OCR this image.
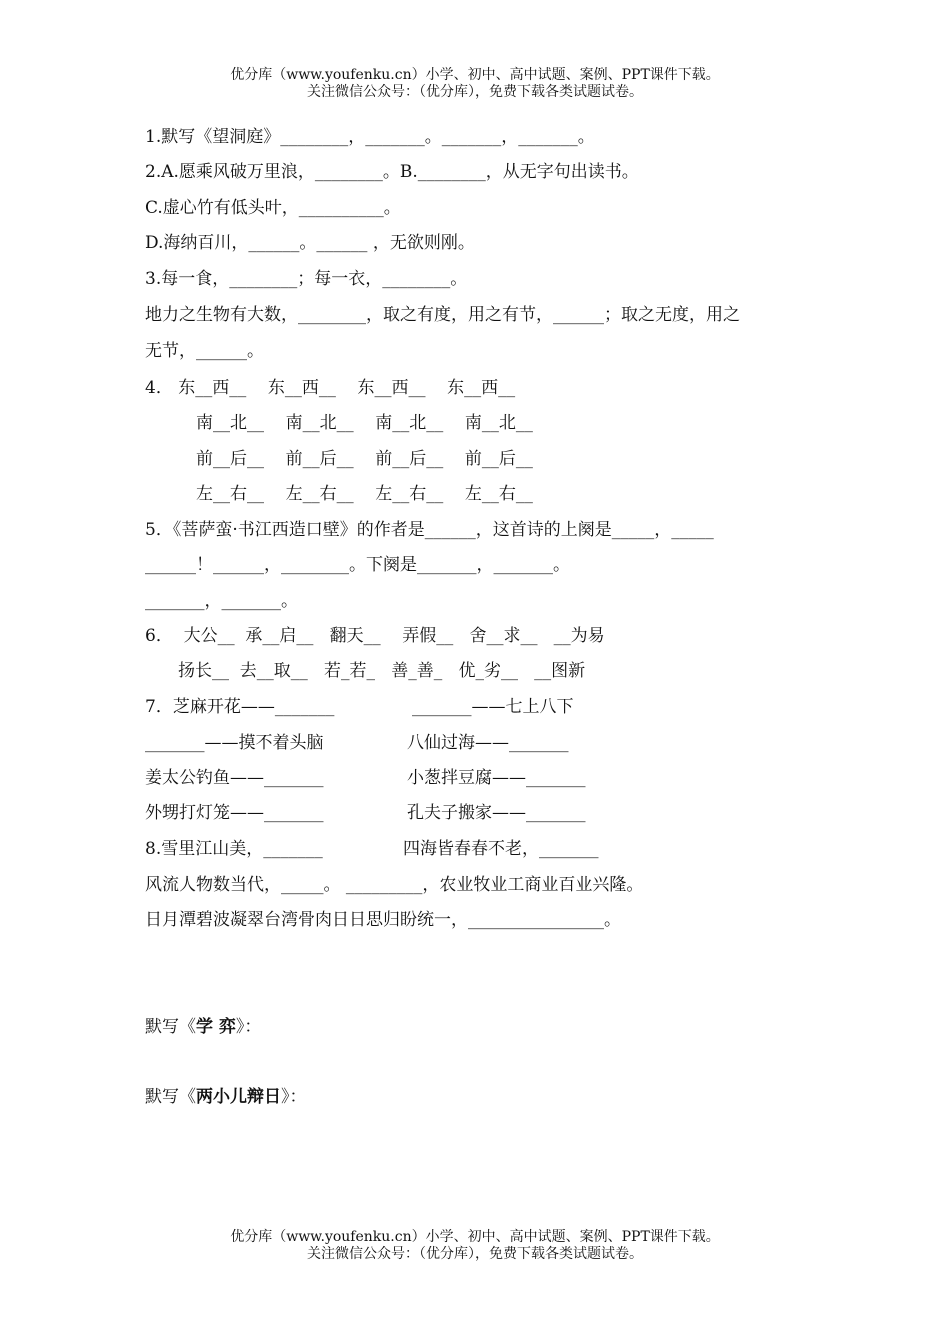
优分库（www.youfenku.cn）小学、初中、高中试题、案例、PPT课件下载。
关注微信公众号：（优分库），免费下载各类试题试卷。
1.默写《望洞庭》________，_______。_______，_______。
2.A.愿乘风破万里浪，________。B.________，从无字句出读书。
C.虚心竹有低头叶，__________。
D.海纳百川，______。______ ，无欲则刚。
3.每一食，________；每一衣，________。
地力之生物有大数，________，取之有度，用之有节，______；取之无度，用之
无节，______。
4． 东__西__    东__西__    东__西__    东__西__
南__北__    南__北__    南__北__    南__北__
前__后__    前__后__    前__后__    前__后__
左__右__    左__右__    左__右__    左__右__
5．《菩萨蛮·书江西造口壁》的作者是______，这首诗的上阕是_____，_____
______！______，________。下阕是_______，_______。
_______，_______。
6．  大公__  承__启__   翻天__    弄假__   舍__求__   __为易
扬长__  去__取__   若_若_   善_善_   优_劣__   __图新
7．芝麻开花——_______	_______——七上八下
_______——摸不着头脑	八仙过海——_______
姜太公钓鱼——_______	小葱拌豆腐——_______
外甥打灯笼——_______	孔夫子搬家——_______
8.雪里江山美，_______	四海皆春春不老，_______
风流人物数当代，_____。 _________，农业牧业工商业百业兴隆。
日月潭碧波凝翠台湾骨肉日日思归盼统一，________________。
默写《学 弈》：
默写《两小儿辩日》：
优分库（www.youfenku.cn）小学、初中、高中试题、案例、PPT课件下载。
关注微信公众号：（优分库），免费下载各类试题试卷。
